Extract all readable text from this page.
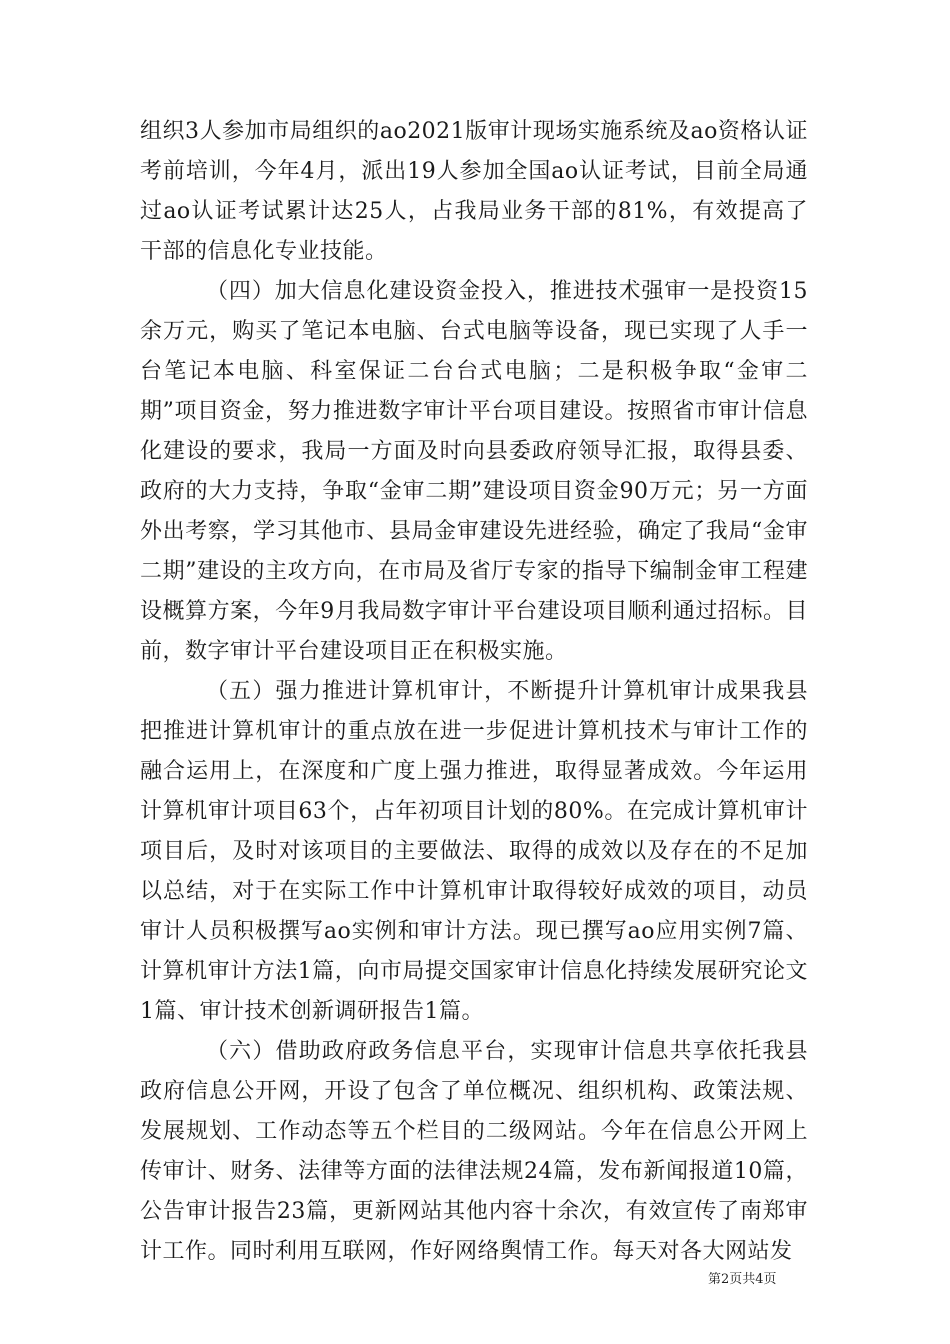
组织3人参加市局组织的ao2021版审计现场实施系统及ao资格认证考前培训，今年4月，派出19人参加全国ao认证考试，目前全局通过ao认证考试累计达25人，占我局业务干部的81%，有效提高了干部的信息化专业技能。

（四）加大信息化建设资金投入，推进技术强审一是投资15余万元，购买了笔记本电脑、台式电脑等设备，现已实现了人手一台笔记本电脑、科室保证二台台式电脑；二是积极争取“金审二期”项目资金，努力推进数字审计平台项目建设。按照省市审计信息化建设的要求，我局一方面及时向县委政府领导汇报，取得县委、政府的大力支持，争取“金审二期”建设项目资金90万元；另一方面外出考察，学习其他市、县局金审建设先进经验，确定了我局“金审二期”建设的主攻方向，在市局及省厅专家的指导下编制金审工程建设概算方案，今年9月我局数字审计平台建设项目顺利通过招标。目前，数字审计平台建设项目正在积极实施。

（五）强力推进计算机审计，不断提升计算机审计成果我县把推进计算机审计的重点放在进一步促进计算机技术与审计工作的融合运用上，在深度和广度上强力推进，取得显著成效。今年运用计算机审计项目63个，占年初项目计划的80%。在完成计算机审计项目后，及时对该项目的主要做法、取得的成效以及存在的不足加以总结，对于在实际工作中计算机审计取得较好成效的项目，动员审计人员积极撰写ao实例和审计方法。现已撰写ao应用实例7篇、计算机审计方法1篇，向市局提交国家审计信息化持续发展研究论文1篇、审计技术创新调研报告1篇。

（六）借助政府政务信息平台，实现审计信息共享依托我县政府信息公开网，开设了包含了单位概况、组织机构、政策法规、发展规划、工作动态等五个栏目的二级网站。今年在信息公开网上传审计、财务、法律等方面的法律法规24篇，发布新闻报道10篇，公告审计报告23篇，更新网站其他内容十余次，有效宣传了南郑审计工作。同时利用互联网，作好网络舆情工作。每天对各大网站发

第2页共4页
